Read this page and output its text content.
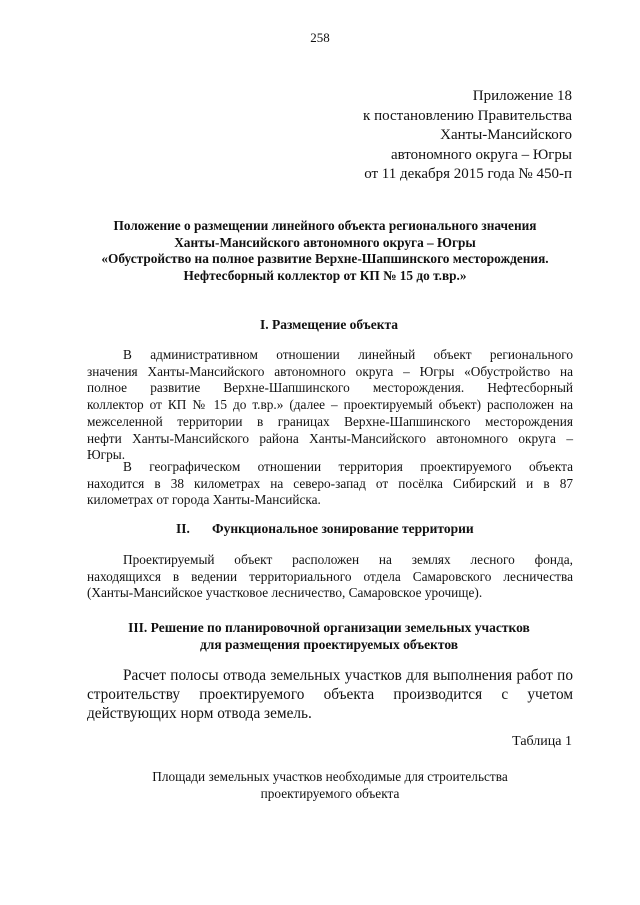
258
Приложение 18
к постановлению Правительства
Ханты-Мансийского
автономного округа – Югры
от 11 декабря 2015 года № 450-п
Положение о размещении линейного объекта регионального значения
Ханты-Мансийского автономного округа – Югры
«Обустройство на полное развитие Верхне-Шапшинского месторождения.
Нефтесборный коллектор от КП № 15 до т.вр.»
I. Размещение объекта
В административном отношении линейный объект регионального
значения Ханты-Мансийского автономного округа – Югры «Обустройство на
полное развитие Верхне-Шапшинского месторождения. Нефтесборный
коллектор от КП № 15 до т.вр.» (далее – проектируемый объект) расположен на
межселенной территории в границах Верхне-Шапшинского месторождения
нефти Ханты-Мансийского района Ханты-Мансийского автономного округа –
Югры.
В географическом отношении территория проектируемого объекта
находится в 38 километрах на северо-запад от посёлка Сибирский и в 87
километрах от города Ханты-Мансийска.
II. Функциональное зонирование территории
Проектируемый объект расположен на землях лесного фонда,
находящихся в ведении территориального отдела Самаровского лесничества
(Ханты-Мансийское участковое лесничество, Самаровское урочище).
III. Решение по планировочной организации земельных участков
для размещения проектируемых объектов
Расчет полосы отвода земельных участков для выполнения работ по
строительству проектируемого объекта производится с учетом
действующих норм отвода земель.
Таблица 1
Площади земельных участков необходимые для строительства
проектируемого объекта
